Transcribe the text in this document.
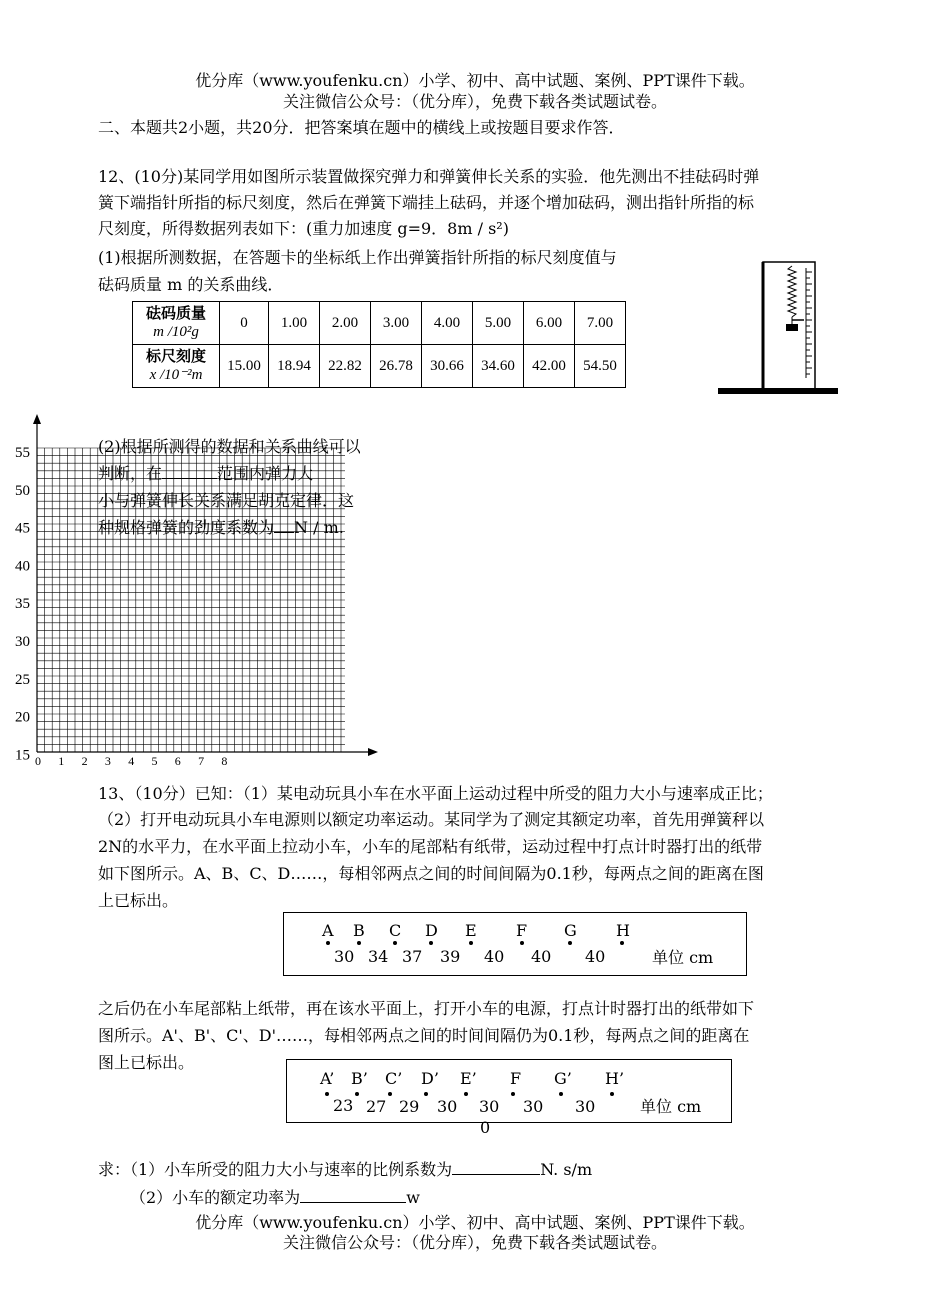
优分库（www.youfenku.cn）小学、初中、高中试题、案例、PPT课件下载。
关注微信公众号：（优分库），免费下载各类试题试卷。
二、本题共2小题，共20分．把答案填在题中的横线上或按题目要求作答．
12、(10分)某同学用如图所示装置做探究弹力和弹簧伸长关系的实验．他先测出不挂砝码时弹
簧下端指针所指的标尺刻度，然后在弹簧下端挂上砝码，并逐个增加砝码，测出指针所指的标
尺刻度，所得数据列表如下：(重力加速度 g=9．8m / s²)
(1)根据所测数据，在答题卡的坐标纸上作出弹簧指针所指的标尺刻度值与
砝码质量 m 的关系曲线．
砝码质量
m /10²g	0	1.00	2.00	3.00	4.00	5.00	6.00	7.00

标尺刻度
x /10⁻²m	15.00	18.94	22.82	26.78	30.66	34.60	42.00	54.50
55
50
45
40
35
30
25
20
15 0 1 2 3 4 5 6 7 8
(2)根据所测得的数据和关系曲线可以
判断，在	范围内弹力大
小与弹簧伸长关系满足胡克定律．这
种规格弹簧的劲度系数为 N / m.
13、（10分）已知：（1）某电动玩具小车在水平面上运动过程中所受的阻力大小与速率成正比；
（2）打开电动玩具小车电源则以额定功率运动。某同学为了测定其额定功率，首先用弹簧秤以
2N的水平力，在水平面上拉动小车，小车的尾部粘有纸带，运动过程中打点计时器打出的纸带
如下图所示。A、B、C、D……，每相邻两点之间的时间间隔为0.1秒，每两点之间的距离在图
上已标出。
A B C D E F G H
30 34 37 39 40 40 40	单位 cm
之后仍在小车尾部粘上纸带，再在该水平面上，打开小车的电源，打点计时器打出的纸带如下
图所示。A'、B'、C'、D'……，每相邻两点之间的时间间隔仍为0.1秒，每两点之间的距离在
图上已标出。
A’ B’ C’ D’ E’ F G’ H’
23 27 29 30 30 30 30	单位 cm
0
求：（1）小车所受的阻力大小与速率的比例系数为	N. s/m
（2）小车的额定功率为	w
优分库（www.youfenku.cn）小学、初中、高中试题、案例、PPT课件下载。
关注微信公众号：（优分库），免费下载各类试题试卷。
